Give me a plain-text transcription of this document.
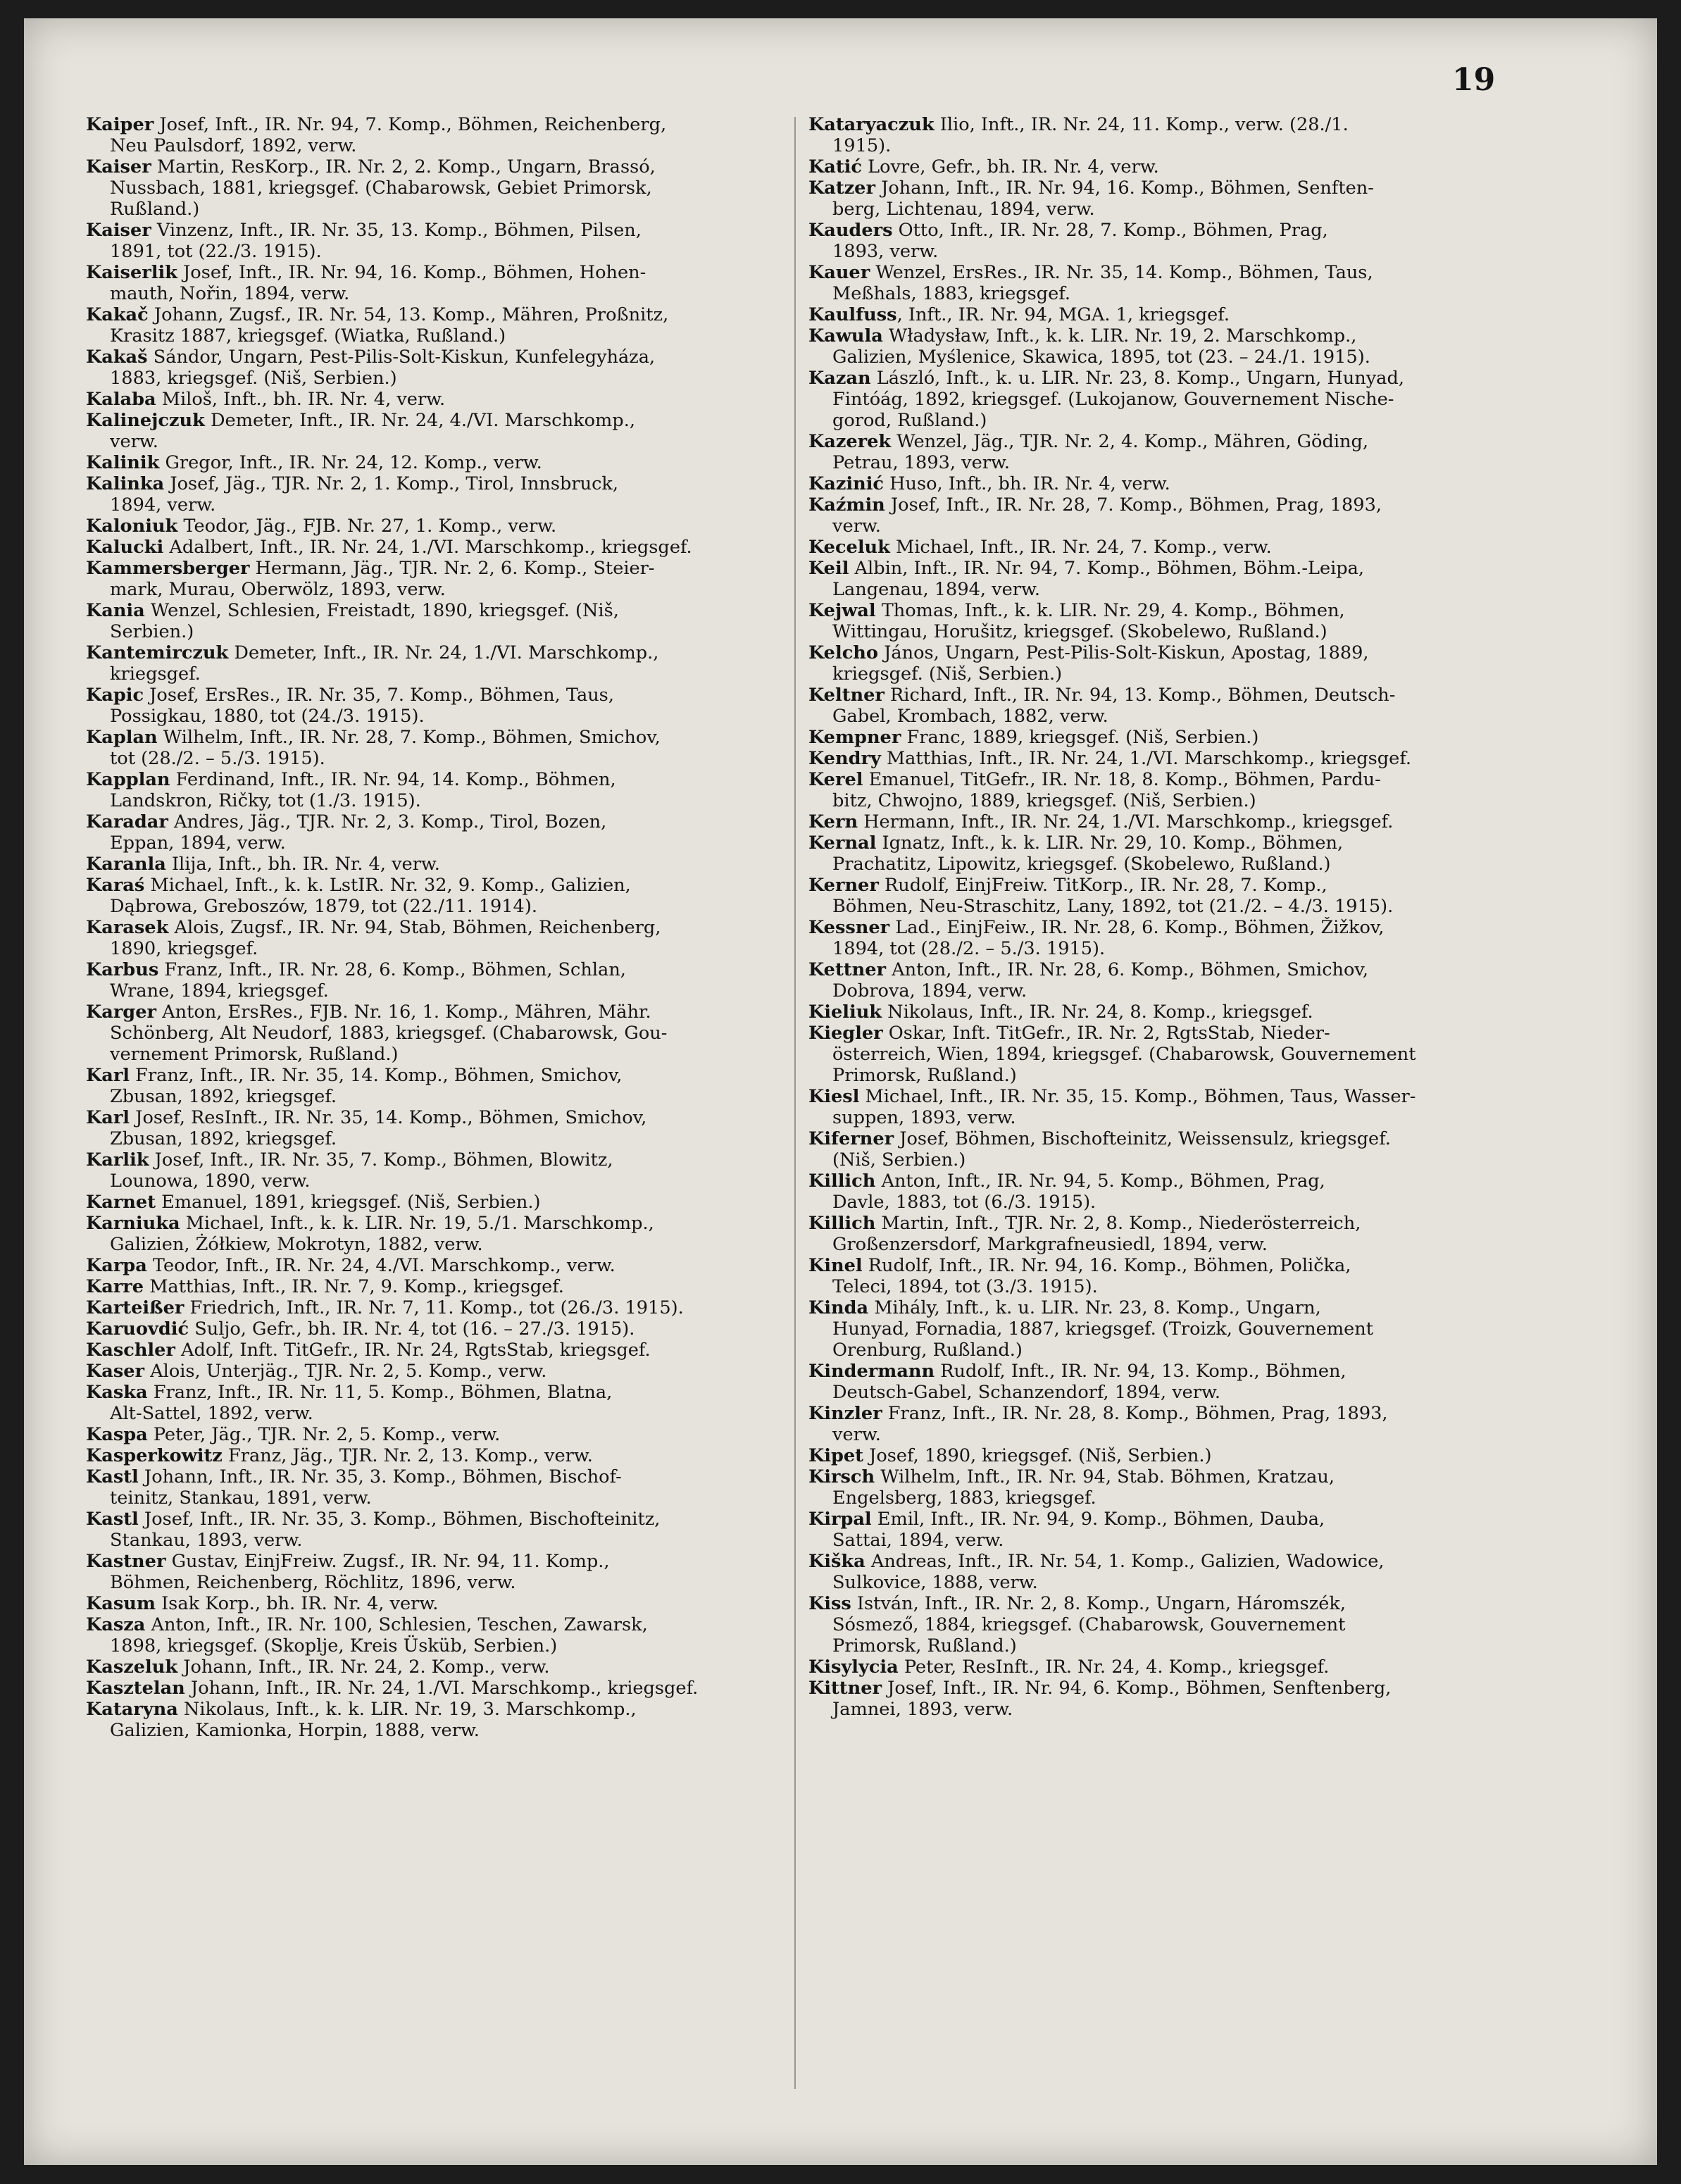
19
Kaiper Josef, Inft., IR. Nr. 94, 7. Komp., Böhmen, Reichenberg,
Neu Paulsdorf, 1892, verw.
Kaiser Martin, ResKorp., IR. Nr. 2, 2. Komp., Ungarn, Brassó,
Nussbach, 1881, kriegsgef. (Chabarowsk, Gebiet Primorsk,
Rußland.)
Kaiser Vinzenz, Inft., IR. Nr. 35, 13. Komp., Böhmen, Pilsen,
1891, tot (22./3. 1915).
Kaiserlik Josef, Inft., IR. Nr. 94, 16. Komp., Böhmen, Hohen-
mauth, Nořin, 1894, verw.
Kakač Johann, Zugsf., IR. Nr. 54, 13. Komp., Mähren, Proßnitz,
Krasitz 1887, kriegsgef. (Wiatka, Rußland.)
Kakaš Sándor, Ungarn, Pest-Pilis-Solt-Kiskun, Kunfelegyháza,
1883, kriegsgef. (Niš, Serbien.)
Kalaba Miloš, Inft., bh. IR. Nr. 4, verw.
Kalinejczuk Demeter, Inft., IR. Nr. 24, 4./VI. Marschkomp.,
verw.
Kalinik Gregor, Inft., IR. Nr. 24, 12. Komp., verw.
Kalinka Josef, Jäg., TJR. Nr. 2, 1. Komp., Tirol, Innsbruck,
1894, verw.
Kaloniuk Teodor, Jäg., FJB. Nr. 27, 1. Komp., verw.
Kalucki Adalbert, Inft., IR. Nr. 24, 1./VI. Marschkomp., kriegsgef.
Kammersberger Hermann, Jäg., TJR. Nr. 2, 6. Komp., Steier-
mark, Murau, Oberwölz, 1893, verw.
Kania Wenzel, Schlesien, Freistadt, 1890, kriegsgef. (Niš,
Serbien.)
Kantemirczuk Demeter, Inft., IR. Nr. 24, 1./VI. Marschkomp.,
kriegsgef.
Kapic Josef, ErsRes., IR. Nr. 35, 7. Komp., Böhmen, Taus,
Possigkau, 1880, tot (24./3. 1915).
Kaplan Wilhelm, Inft., IR. Nr. 28, 7. Komp., Böhmen, Smichov,
tot (28./2. – 5./3. 1915).
Kapplan Ferdinand, Inft., IR. Nr. 94, 14. Komp., Böhmen,
Landskron, Ričky, tot (1./3. 1915).
Karadar Andres, Jäg., TJR. Nr. 2, 3. Komp., Tirol, Bozen,
Eppan, 1894, verw.
Karanla Ilija, Inft., bh. IR. Nr. 4, verw.
Karaś Michael, Inft., k. k. LstIR. Nr. 32, 9. Komp., Galizien,
Dąbrowa, Greboszów, 1879, tot (22./11. 1914).
Karasek Alois, Zugsf., IR. Nr. 94, Stab, Böhmen, Reichenberg,
1890, kriegsgef.
Karbus Franz, Inft., IR. Nr. 28, 6. Komp., Böhmen, Schlan,
Wrane, 1894, kriegsgef.
Karger Anton, ErsRes., FJB. Nr. 16, 1. Komp., Mähren, Mähr.
Schönberg, Alt Neudorf, 1883, kriegsgef. (Chabarowsk, Gou-
vernement Primorsk, Rußland.)
Karl Franz, Inft., IR. Nr. 35, 14. Komp., Böhmen, Smichov,
Zbusan, 1892, kriegsgef.
Karl Josef, ResInft., IR. Nr. 35, 14. Komp., Böhmen, Smichov,
Zbusan, 1892, kriegsgef.
Karlik Josef, Inft., IR. Nr. 35, 7. Komp., Böhmen, Blowitz,
Lounowa, 1890, verw.
Karnet Emanuel, 1891, kriegsgef. (Niš, Serbien.)
Karniuka Michael, Inft., k. k. LIR. Nr. 19, 5./1. Marschkomp.,
Galizien, Żółkiew, Mokrotyn, 1882, verw.
Karpa Teodor, Inft., IR. Nr. 24, 4./VI. Marschkomp., verw.
Karre Matthias, Inft., IR. Nr. 7, 9. Komp., kriegsgef.
Karteißer Friedrich, Inft., IR. Nr. 7, 11. Komp., tot (26./3. 1915).
Karuovdić Suljo, Gefr., bh. IR. Nr. 4, tot (16. – 27./3. 1915).
Kaschler Adolf, Inft. TitGefr., IR. Nr. 24, RgtsStab, kriegsgef.
Kaser Alois, Unterjäg., TJR. Nr. 2, 5. Komp., verw.
Kaska Franz, Inft., IR. Nr. 11, 5. Komp., Böhmen, Blatna,
Alt-Sattel, 1892, verw.
Kaspa Peter, Jäg., TJR. Nr. 2, 5. Komp., verw.
Kasperkowitz Franz, Jäg., TJR. Nr. 2, 13. Komp., verw.
Kastl Johann, Inft., IR. Nr. 35, 3. Komp., Böhmen, Bischof-
teinitz, Stankau, 1891, verw.
Kastl Josef, Inft., IR. Nr. 35, 3. Komp., Böhmen, Bischofteinitz,
Stankau, 1893, verw.
Kastner Gustav, EinjFreiw. Zugsf., IR. Nr. 94, 11. Komp.,
Böhmen, Reichenberg, Röchlitz, 1896, verw.
Kasum Isak Korp., bh. IR. Nr. 4, verw.
Kasza Anton, Inft., IR. Nr. 100, Schlesien, Teschen, Zawarsk,
1898, kriegsgef. (Skoplje, Kreis Üsküb, Serbien.)
Kaszeluk Johann, Inft., IR. Nr. 24, 2. Komp., verw.
Kasztelan Johann, Inft., IR. Nr. 24, 1./VI. Marschkomp., kriegsgef.
Katarynа Nikolaus, Inft., k. k. LIR. Nr. 19, 3. Marschkomp.,
Galizien, Kamionka, Horpin, 1888, verw.
Kataryaczuk Ilio, Inft., IR. Nr. 24, 11. Komp., verw. (28./1.
1915).
Katić Lovre, Gefr., bh. IR. Nr. 4, verw.
Katzer Johann, Inft., IR. Nr. 94, 16. Komp., Böhmen, Senften-
berg, Lichtenau, 1894, verw.
Kauders Otto, Inft., IR. Nr. 28, 7. Komp., Böhmen, Prag,
1893, verw.
Kauer Wenzel, ErsRes., IR. Nr. 35, 14. Komp., Böhmen, Taus,
Meßhals, 1883, kriegsgef.
Kaulfuss, Inft., IR. Nr. 94, MGA. 1, kriegsgef.
Kawula Władysław, Inft., k. k. LIR. Nr. 19, 2. Marschkomp.,
Galizien, Myślenice, Skawica, 1895, tot (23. – 24./1. 1915).
Kazan László, Inft., k. u. LIR. Nr. 23, 8. Komp., Ungarn, Hunyad,
Fintóág, 1892, kriegsgef. (Lukojanow, Gouvernement Nische-
gorod, Rußland.)
Kazerek Wenzel, Jäg., TJR. Nr. 2, 4. Komp., Mähren, Göding,
Petrau, 1893, verw.
Kazinić Huso, Inft., bh. IR. Nr. 4, verw.
Kaźmin Josef, Inft., IR. Nr. 28, 7. Komp., Böhmen, Prag, 1893,
verw.
Kecеluk Michael, Inft., IR. Nr. 24, 7. Komp., verw.
Keil Albin, Inft., IR. Nr. 94, 7. Komp., Böhmen, Böhm.-Leipa,
Langenau, 1894, verw.
Kejwal Thomas, Inft., k. k. LIR. Nr. 29, 4. Komp., Böhmen,
Wittingau, Horušitz, kriegsgef. (Skobelewo, Rußland.)
Kelcho János, Ungarn, Pest-Pilis-Solt-Kiskun, Apostag, 1889,
kriegsgef. (Niš, Serbien.)
Keltner Richard, Inft., IR. Nr. 94, 13. Komp., Böhmen, Deutsch-
Gabel, Krombach, 1882, verw.
Kempner Franc, 1889, kriegsgef. (Niš, Serbien.)
Kendry Matthias, Inft., IR. Nr. 24, 1./VI. Marschkomp., kriegsgef.
Kerel Emanuel, TitGefr., IR. Nr. 18, 8. Komp., Böhmen, Pardu-
bitz, Chwojno, 1889, kriegsgef. (Niš, Serbien.)
Kern Hermann, Inft., IR. Nr. 24, 1./VI. Marschkomp., kriegsgef.
Kernal Ignatz, Inft., k. k. LIR. Nr. 29, 10. Komp., Böhmen,
Prachatitz, Lipowitz, kriegsgef. (Skobelewo, Rußland.)
Kerner Rudolf, EinjFreiw. TitKorp., IR. Nr. 28, 7. Komp.,
Böhmen, Neu-Straschitz, Lany, 1892, tot (21./2. – 4./3. 1915).
Kessner Lad., EinjFeiw., IR. Nr. 28, 6. Komp., Böhmen, Žižkov,
1894, tot (28./2. – 5./3. 1915).
Kettner Anton, Inft., IR. Nr. 28, 6. Komp., Böhmen, Smichov,
Dobrova, 1894, verw.
Kieliuk Nikolaus, Inft., IR. Nr. 24, 8. Komp., kriegsgef.
Kiegler Oskar, Inft. TitGefr., IR. Nr. 2, RgtsStab, Nieder-
österreich, Wien, 1894, kriegsgef. (Chabarowsk, Gouvernement
Primorsk, Rußland.)
Kiesl Michael, Inft., IR. Nr. 35, 15. Komp., Böhmen, Taus, Wasser-
suppen, 1893, verw.
Kiferner Josef, Böhmen, Bischofteinitz, Weissensulz, kriegsgef.
(Niš, Serbien.)
Killich Anton, Inft., IR. Nr. 94, 5. Komp., Böhmen, Prag,
Davle, 1883, tot (6./3. 1915).
Killich Martin, Inft., TJR. Nr. 2, 8. Komp., Niederösterreich,
Großenzersdorf, Markgrafneusiedl, 1894, verw.
Kinel Rudolf, Inft., IR. Nr. 94, 16. Komp., Böhmen, Polička,
Teleci, 1894, tot (3./3. 1915).
Kinda Mihály, Inft., k. u. LIR. Nr. 23, 8. Komp., Ungarn,
Hunyad, Fornadia, 1887, kriegsgef. (Troizk, Gouvernement
Orenburg, Rußland.)
Kindermann Rudolf, Inft., IR. Nr. 94, 13. Komp., Böhmen,
Deutsch-Gabel, Schanzendorf, 1894, verw.
Kinzler Franz, Inft., IR. Nr. 28, 8. Komp., Böhmen, Prag, 1893,
verw.
Kipet Josef, 1890, kriegsgef. (Niš, Serbien.)
Kirsch Wilhelm, Inft., IR. Nr. 94, Stab. Böhmen, Kratzau,
Engelsberg, 1883, kriegsgef.
Kirpal Emil, Inft., IR. Nr. 94, 9. Komp., Böhmen, Dauba,
Sattai, 1894, verw.
Kiška Andreas, Inft., IR. Nr. 54, 1. Komp., Galizien, Wadowice,
Sulkovice, 1888, verw.
Kiss István, Inft., IR. Nr. 2, 8. Komp., Ungarn, Háromszék,
Sósmező, 1884, kriegsgef. (Chabarowsk, Gouvernement
Primorsk, Rußland.)
Kisylycia Peter, ResInft., IR. Nr. 24, 4. Komp., kriegsgef.
Kittner Josef, Inft., IR. Nr. 94, 6. Komp., Böhmen, Senftenberg,
Jamnei, 1893, verw.
